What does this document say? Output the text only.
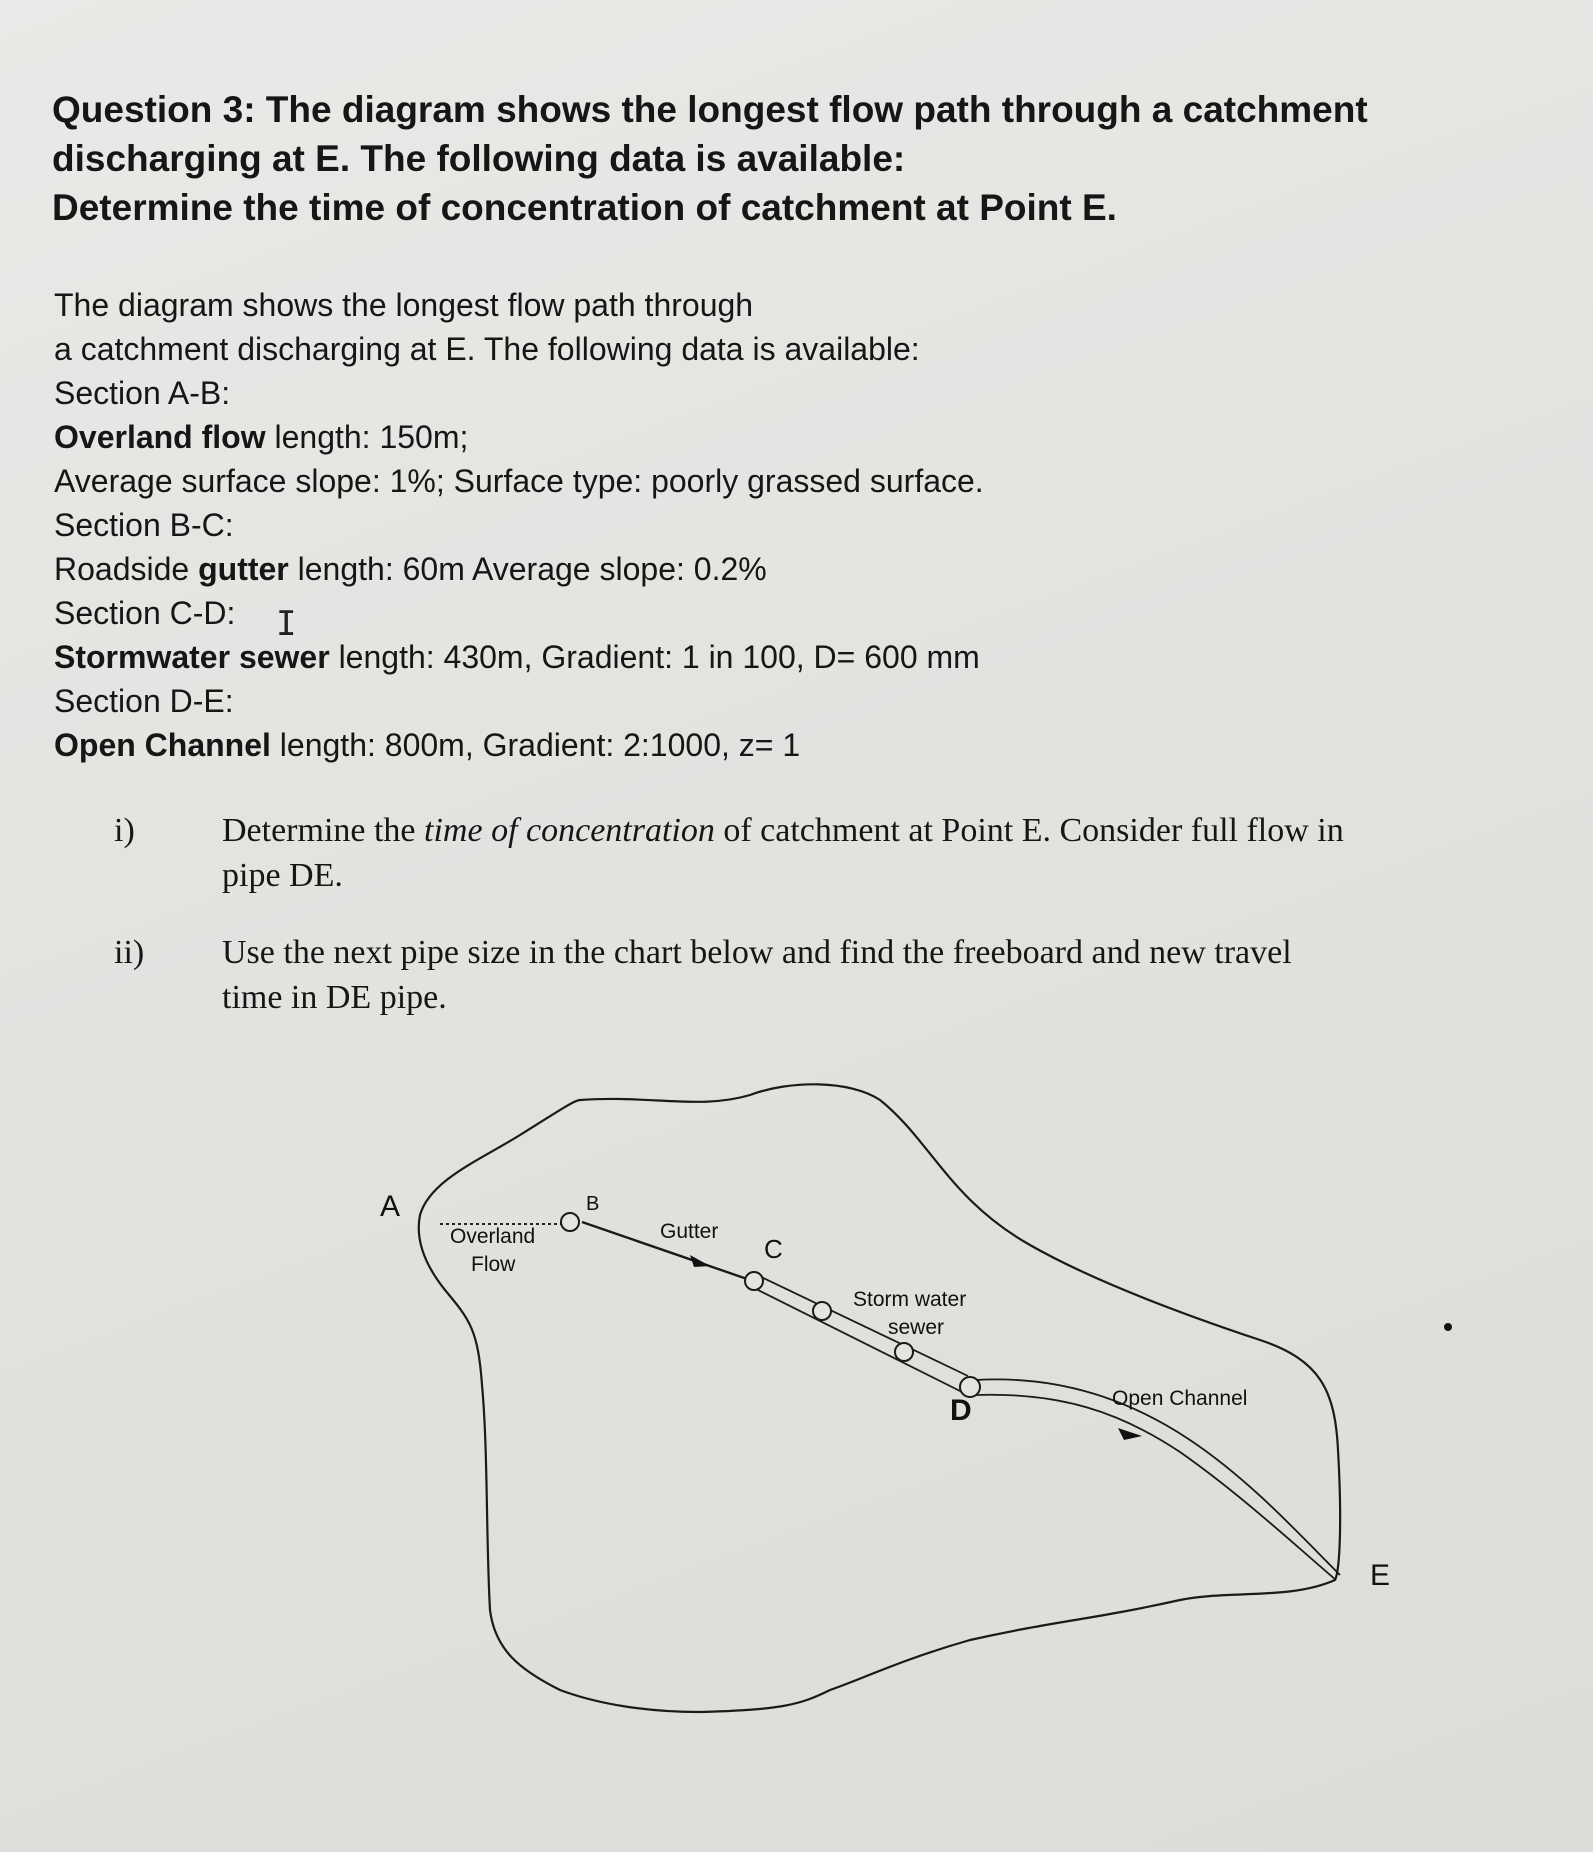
Question 3: The diagram shows the longest flow path through a catchment
discharging at E. The following data is available:
Determine the time of concentration of catchment at Point E.
The diagram shows the longest flow path through
a catchment discharging at E. The following data is available:
Section A-B:
Overland flow length: 150m;
Average surface slope: 1%; Surface type: poorly grassed surface.
Section B-C:
Roadside gutter length: 60m Average slope: 0.2%
Section C-D:
Stormwater sewer length: 430m, Gradient: 1 in 100, D= 600 mm
Section D-E:
Open Channel length: 800m, Gradient: 2:1000, z= 1
I
i)	Determine the time of concentration of catchment at Point E. Consider full flow in
pipe DE.
ii) Use the next pipe size in the chart below and find the freeboard and new travel
time in DE pipe.
A	B
C
D
E
Overland
Flow
Gutter
Storm water
sewer
Open Channel
